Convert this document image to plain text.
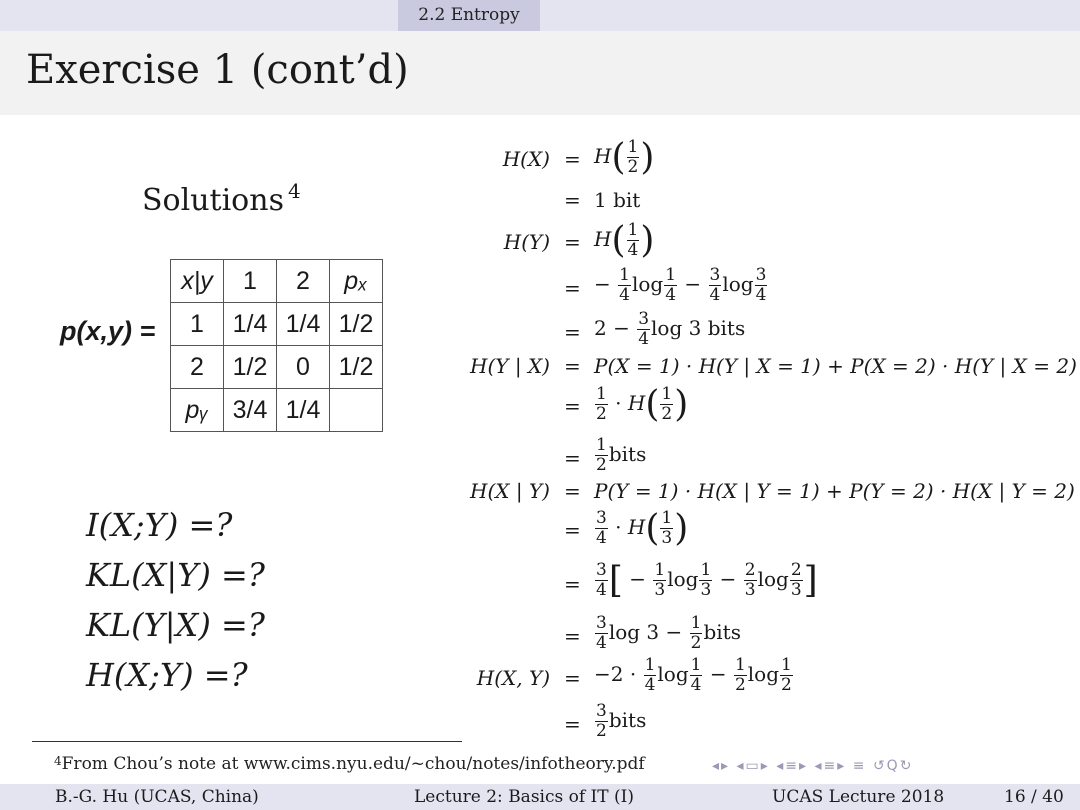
2.2 Entropy
Exercise 1 (cont’d)
Solutions $^4$
p(x,y) =
x|y	1	2	pₓ
1	1/4	1/4	1/2
2	1/2	0	1/2
pᵧ	3/4	1/4	
I(X;Y) =?
KL(X|Y) =?
KL(Y|X) =?
H(X;Y) =?
$H(X) = H( \frac{1}{2}$ )
= 1 bit
$H(Y) = H( \frac{1}{4}$ )
= − $\frac{1}{4}$ $\log \frac{1}{4} - \frac{3}{4}$ $\log \frac{3}{4}$
= $2 - \frac{3}{4}$ log 3 bits
H(Y | X) = P(X = 1) · H(Y | X = 1) + P(X = 2) · H(Y | X = 2)
= $\frac{1}{2} \cdot H( \frac{1}{2}$ )
= $\frac{1}{2}$ bits
H(X | Y) = P(Y = 1) · H(X | Y = 1) + P(Y = 2) · H(X | Y = 2)
= $\frac{3}{4} \cdot H( \frac{1}{3}$ )
= $\frac{3}{4}$ [ − $\frac{1}{3}$ $\log \frac{1}{3} - \frac{2}{3}$ $\log \frac{2}{3}$ ]
= $\frac{3}{4}$ $\log 3 - \frac{1}{2}$ bits
H(X, $Y) = -2 \cdot \frac{1}{4}$ $\log \frac{1}{4} - \frac{1}{2}$ $\log \frac{1}{2}$
= $\frac{3}{2}$ bits
$^4$From Chou’s note at www.cims.nyu.edu/~chou/notes/infotheory.pdf	◂▸ ◂▭▸ ◂≡▸ ◂≡▸ ≡ ↺Q↻
B.-G. Hu (UCAS, China)	Lecture 2: Basics of IT (I)	UCAS Lecture 2018	16 / 40
